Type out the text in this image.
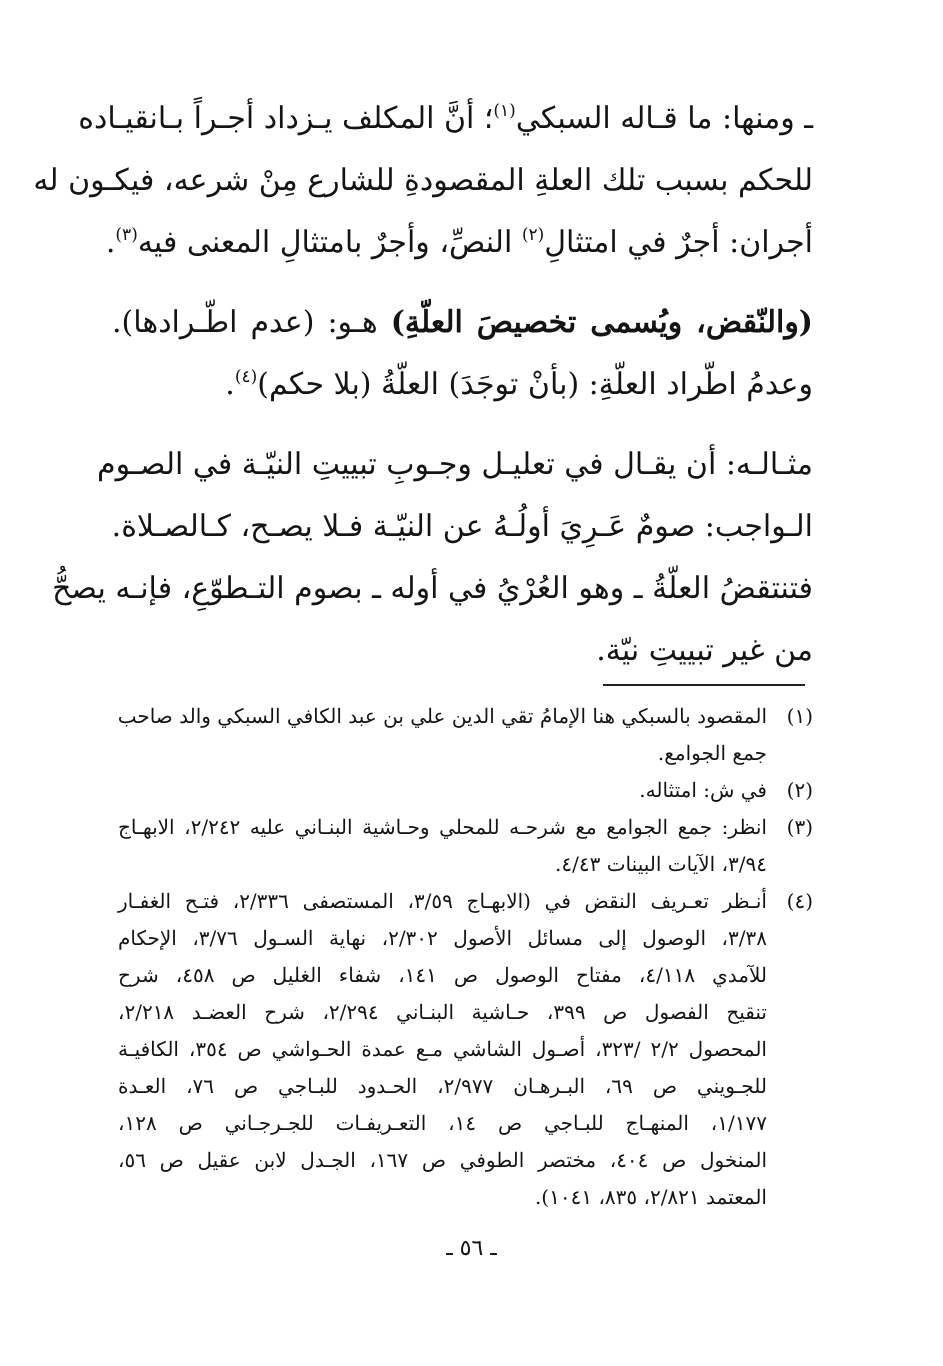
ـ ومنها: ما قـاله السبكي$^{(١)}$؛ أنَّ المكلف يـزداد أجـراً بـانقيـاده
للحكم بسبب تلك العلةِ المقصودةِ للشارع مِنْ شرعه، فيكـون له
أجران: أجرٌ في امتثالِ$^{(٢)}$ النصِّ، وأجرٌ بامتثالِ المعنى فيه$^{(٣)}$.

(والنّقض، ويُسمى تخصيصَ العلّةِ) هـو: (عدم اطّـرادها).
وعدمُ اطّراد العلّةِ: (بأنْ توجَدَ) العلّةُ (بلا حكم)$^{(٤)}$.

مثـالـه: أن يقـال في تعليـل وجـوبِ تبييتِ النيّـة في الصـوم
الـواجب: صومٌ عَـرِيَ أولُـهُ عن النيّـة فـلا يصـح، كـالصـلاة.
فتنتقضُ العلّةُ ـ وهو العُرْيُ في أوله ـ بصوم التـطوّعِ، فإنـه يصحُّ
من غير تبييتِ نيّة.

(١)
المقصود بالسبكي هنا الإمامُ تقي الدين علي بن عبد الكافي السبكي والد صاحب
جمع الجوامع.
(٢)
في ش: امتثاله.
(٣)
انظر: جمع الجوامع مع شرحـه للمحلي وحـاشية البنـاني عليه ٢/٢٤٢، الابهـاج
٣/٩٤، الآيات البينات ٤/٤٣.
(٤)
أنـظر تعـريف النقض في (الابهـاج ٣/٥٩، المستصفى ٢/٣٣٦، فتـح الغفـار
٣/٣٨، الوصول إلى مسائل الأصول ٢/٣٠٢، نهاية السـول ٣/٧٦، الإحكام
للآمدي ٤/١١٨، مفتاح الوصول ص ١٤١، شفاء الغليل ص ٤٥٨، شرح
تنقيح الفصول ص ٣٩٩، حـاشية البنـاني ٢/٢٩٤، شرح العضـد ٢/٢١٨،
المحصول ٢/٢ /٣٢٣، أصـول الشاشي مـع عمدة الحـواشي ص ٣٥٤، الكافيـة
للجـويني ص ٦٩، البـرهـان ٢/٩٧٧، الحـدود للبـاجي ص ٧٦، العـدة
١/١٧٧، المنهـاج للبـاجي ص ١٤، التعـريفـات للجـرجـاني ص ١٢٨،
المنخول ص ٤٠٤، مختصر الطوفي ص ١٦٧، الجـدل لابن عقيل ص ٥٦،
المعتمد ٢/٨٢١، ٨٣٥، ١٠٤١).
ـ ٥٦ ـ
